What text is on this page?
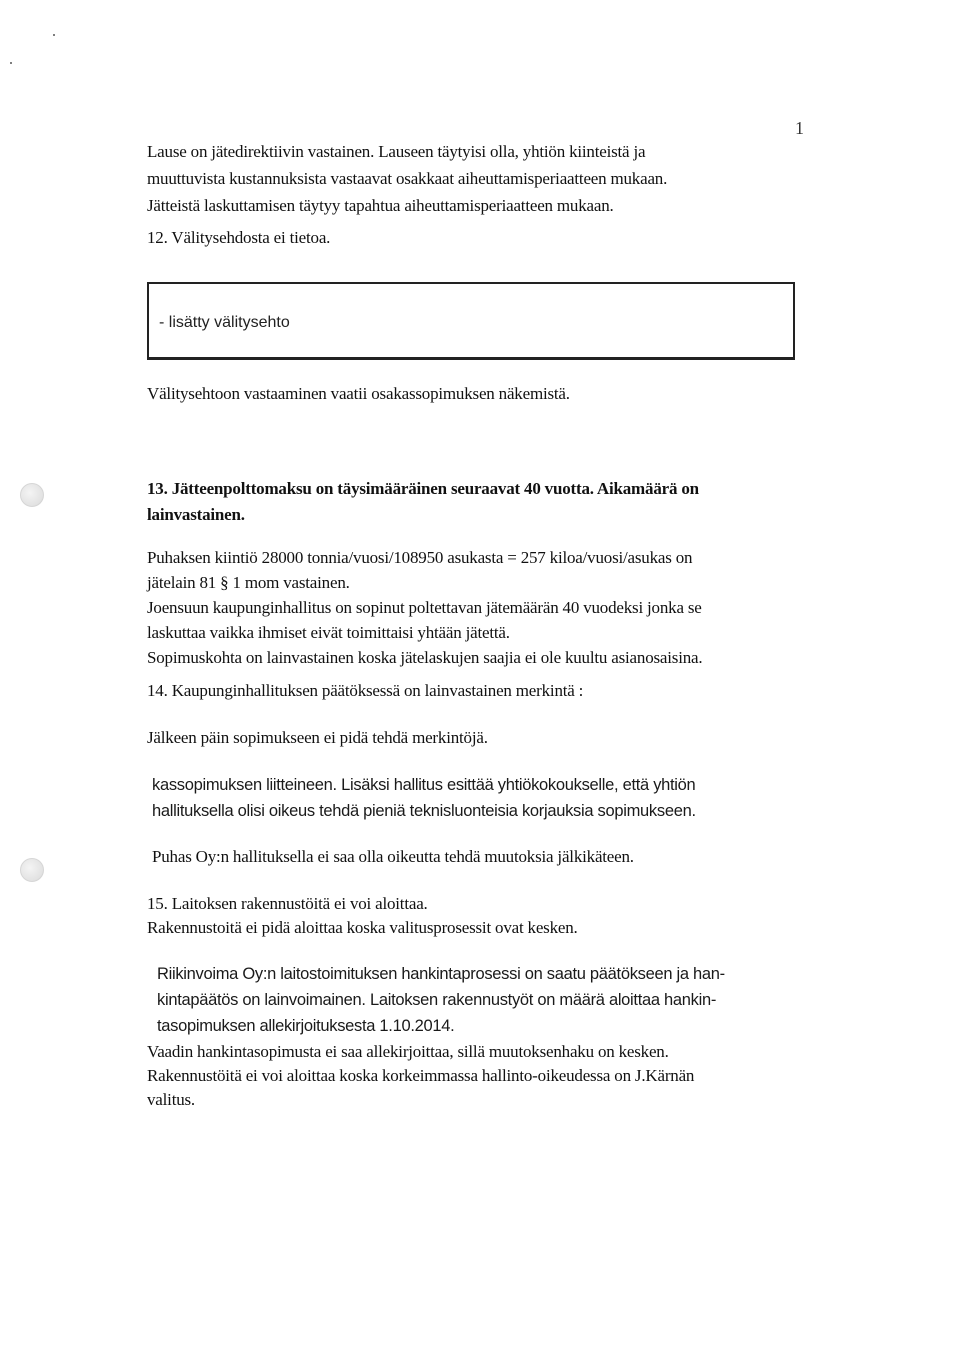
1
Lause on jätedirektiivin vastainen. Lauseen täytyisi olla, yhtiön kiinteistä ja
muuttuvista kustannuksista vastaavat osakkaat aiheuttamisperiaatteen mukaan.
Jätteistä laskuttamisen täytyy tapahtua aiheuttamisperiaatteen mukaan.
12. Välitysehdosta ei tietoa.
- lisätty välitysehto
Välitysehtoon vastaaminen vaatii osakassopimuksen näkemistä.
13. Jätteenpolttomaksu on täysimääräinen seuraavat 40 vuotta. Aikamäärä on
lainvastainen.
Puhaksen kiintiö 28000 tonnia/vuosi/108950 asukasta = 257 kiloa/vuosi/asukas on
jätelain 81 § 1 mom vastainen.
Joensuun kaupunginhallitus on sopinut poltettavan jätemäärän 40 vuodeksi jonka se
laskuttaa vaikka ihmiset eivät toimittaisi yhtään jätettä.
Sopimuskohta on lainvastainen koska jätelaskujen saajia ei ole kuultu asianosaisina.
14. Kaupunginhallituksen päätöksessä on lainvastainen merkintä :
Jälkeen päin sopimukseen ei pidä tehdä merkintöjä.
kassopimuksen liitteineen. Lisäksi hallitus esittää yhtiökokoukselle, että yhtiön
hallituksella olisi oikeus tehdä pieniä teknisluonteisia korjauksia sopimukseen.
Puhas Oy:n hallituksella ei saa olla oikeutta tehdä muutoksia jälkikäteen.
15. Laitoksen rakennustöitä ei voi aloittaa.
Rakennustoitä ei pidä aloittaa koska valitusprosessit ovat kesken.
Riikinvoima Oy:n laitostoimituksen hankintaprosessi on saatu päätökseen ja han-
kintapäätös on lainvoimainen. Laitoksen rakennustyöt on määrä aloittaa hankin-
tasopimuksen allekirjoituksesta 1.10.2014.
Vaadin hankintasopimusta ei saa allekirjoittaa, sillä muutoksenhaku on kesken.
Rakennustöitä ei voi aloittaa koska korkeimmassa hallinto-oikeudessa on J.Kärnän
valitus.
